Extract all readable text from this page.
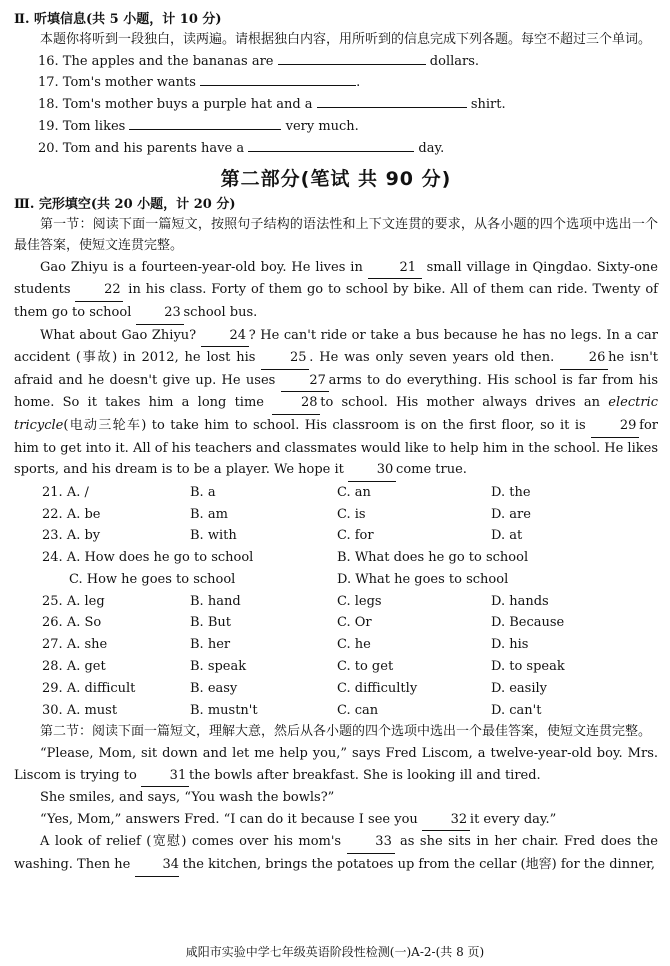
Ⅱ. 听填信息(共 5 小题，计 10 分)

本题你将听到一段独白，读两遍。请根据独白内容，用所听到的信息完成下列各题。每空不超过三个单词。

16. The apples and the bananas are	dollars.
17. Tom's mother wants	.
18. Tom's mother buys a purple hat and a	shirt.
19. Tom likes	very much.
20. Tom and his parents have a	day.
第二部分(笔试 共 90 分)
Ⅲ. 完形填空(共 20 小题，计 20 分)

第一节：阅读下面一篇短文，按照句子结构的语法性和上下文连贯的要求，从各小题的四个选项中选出一个最佳答案，使短文连贯完整。

Gao Zhiyu is a fourteen-year-old boy. He lives in	21 small village in Qingdao. Sixty-one students	22 in his class. Forty of them go to school by bike. All of them can ride. Twenty of them go to school	23 school bus.

What about Gao Zhiyu?	24 ? He can't ride or take a bus because he has no legs. In a car accident (事故) in 2012, he lost his	25 . He was only seven years old then.	26 he isn't afraid and he doesn't give up. He uses	27 arms to do everything. His school is far from his home. So it takes him a long time	28 to school. His mother always drives an electric tricycle(电动三轮车) to take him to school. His classroom is on the first floor, so it is	29 for him to get into it. All of his teachers and classmates would like to help him in the school. He likes sports, and his dream is to be a player. We hope it	30 come true.

21. A. /	B. a	C. an	D. the
22. A. be	B. am	C. is	D. are
23. A. by	B. with	C. for	D. at
24. A. How does he go to school	B. What does he go to school
C. How he goes to school	D. What he goes to school
25. A. leg	B. hand	C. legs	D. hands
26. A. So	B. But	C. Or	D. Because
27. A. she	B. her	C. he	D. his
28. A. get	B. speak	C. to get	D. to speak
29. A. difficult	B. easy	C. difficultly	D. easily
30. A. must	B. mustn't	C. can	D. can't

第二节：阅读下面一篇短文，理解大意，然后从各小题的四个选项中选出一个最佳答案，使短文连贯完整。

“Please, Mom, sit down and let me help you,” says Fred Liscom, a twelve-year-old boy. Mrs. Liscom is trying to	31 the bowls after breakfast. She is looking ill and tired.

She smiles, and says, “You wash the bowls?”

“Yes, Mom,” answers Fred. “I can do it because I see you	32 it every day.”

A look of relief (宽慰) comes over his mom's	33 as she sits in her chair. Fred does the washing. Then he 34 the kitchen, brings the potatoes up from the cellar (地窖) for the dinner,

咸阳市实验中学七年级英语阶段性检测(一)A-2-(共 8 页)
